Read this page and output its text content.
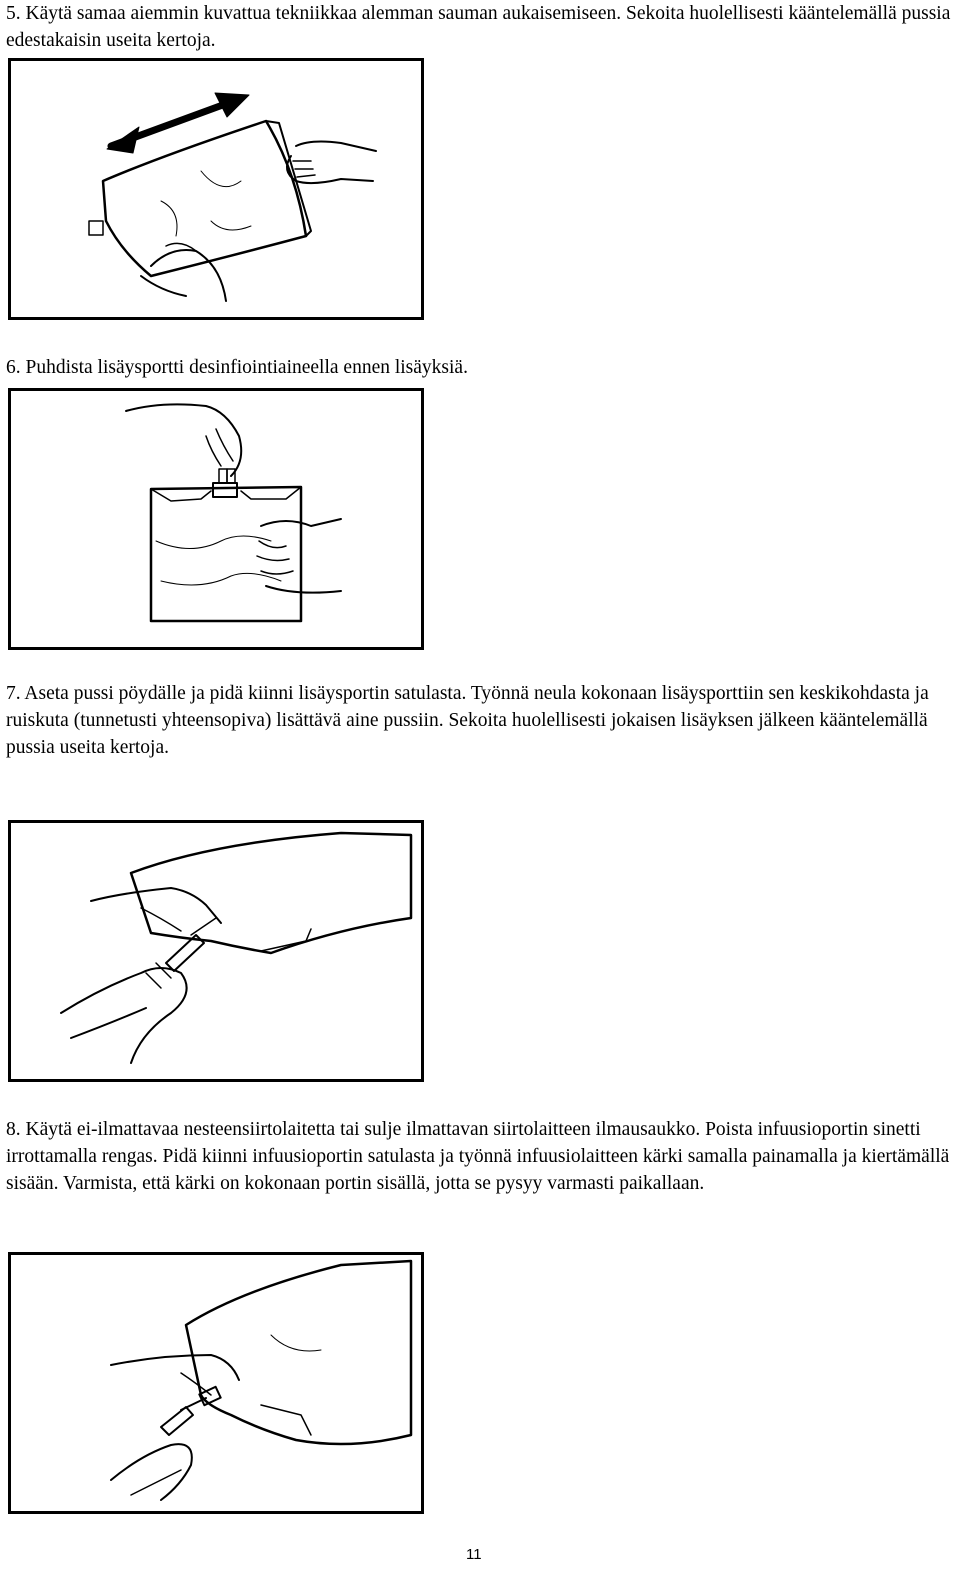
5. Käytä samaa aiemmin kuvattua tekniikkaa alemman sauman aukaisemiseen. Sekoita huolellisesti kääntelemällä pussia edestakaisin useita kertoja.

6. Puhdista lisäysportti desinfiointiaineella ennen lisäyksiä.

7. Aseta pussi pöydälle ja pidä kiinni lisäysportin satulasta. Työnnä neula kokonaan lisäysporttiin sen keskikohdasta ja ruiskuta (tunnetusti yhteensopiva) lisättävä aine pussiin. Sekoita huolellisesti jokaisen lisäyksen jälkeen kääntelemällä pussia useita kertoja.

8. Käytä ei-ilmattavaa nesteensiirtolaitetta tai sulje ilmattavan siirtolaitteen ilmausaukko. Poista infuusioportin sinetti irrottamalla rengas. Pidä kiinni infuusioportin satulasta ja työnnä infuusiolaitteen kärki samalla painamalla ja kiertämällä sisään. Varmista, että kärki on kokonaan portin sisällä, jotta se pysyy varmasti paikallaan.

11
